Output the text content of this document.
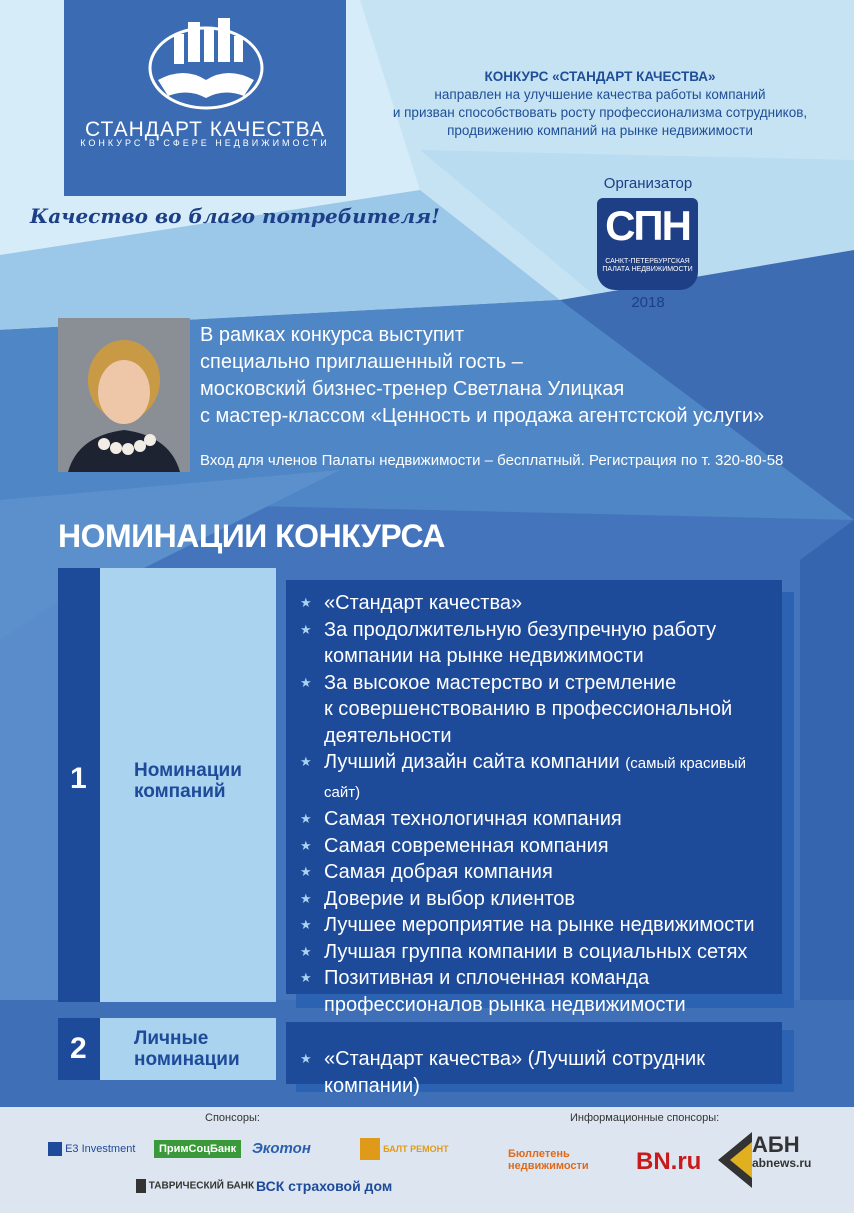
СТАНДАРТ КАЧЕСТВА
КОНКУРС В СФЕРЕ НЕДВИЖИМОСТИ
КОНКУРС «СТАНДАРТ КАЧЕСТВА»
направлен на улучшение качества работы компаний
и призван способствовать росту профессионализма сотрудников,
продвижению компаний на рынке недвижимости
Качество во благо потребителя!
Организатор
СПН
САНКТ-ПЕТЕРБУРГСКАЯ ПАЛАТА НЕДВИЖИМОСТИ
2018
В рамках конкурса выступит
специально приглашенный гость –
московский бизнес-тренер Светлана Улицкая
с мастер-классом «Ценность и продажа агентстской услуги»
Вход для членов Палаты недвижимости – бесплатный. Регистрация по т. 320-80-58
НОМИНАЦИИ КОНКУРСА
1 Номинации
компаний
★ «Стандарт качества»
★ За продолжительную безупречную работу
компании на рынке недвижимости
★ За высокое мастерство и стремление
к совершенствованию в профессиональной
деятельности
★ Лучший дизайн сайта компании (самый красивый сайт)
★ Самая технологичная компания
★ Самая современная компания
★ Самая добрая компания
★ Доверие и выбор клиентов
★ Лучшее мероприятие на рынке недвижимости
★ Лучшая группа компании в социальных сетях
★ Позитивная и сплоченная команда
профессионалов рынка недвижимости
2 Личные
номинации	★ «Стандарт качества» (Лучший сотрудник компании)
Спонсоры:	Информационные спонсоры:
E3 Investment	ПримСоцБанк	Экотон	БАЛТ РЕМОНТ
ТАВРИЧЕСКИЙ БАНК ВСК страховой дом
Бюллетень недвижимости	BN.ru
АБН
abnews.ru
